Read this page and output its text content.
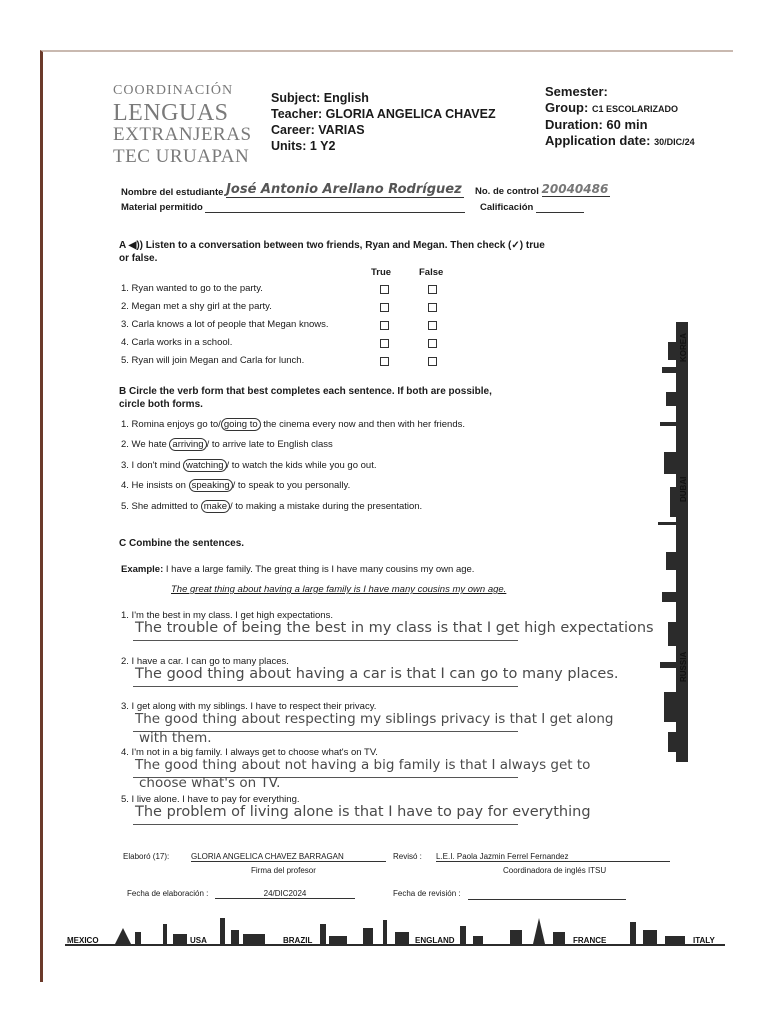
COORDINACIÓN
LENGUAS
EXTRANJERAS
TEC URUAPAN
Subject: English
Teacher: GLORIA ANGELICA CHAVEZ
Career: VARIAS
Units: 1 Y2
Semester:
Group: C1 ESCOLARIZADO
Duration: 60 min
Application date: 30/DIC/24
Nombre del estudiante José Antonio Arellano Rodríguez No. de control 20040486
Material permitido	Calificación
A ◀)) Listen to a conversation between two friends, Ryan and Megan. Then check (✓) true or false.
True	False
1. Ryan wanted to go to the party.
2. Megan met a shy girl at the party.
3. Carla knows a lot of people that Megan knows.
4. Carla works in a school.
5. Ryan will join Megan and Carla for lunch.
B Circle the verb form that best completes each sentence. If both are possible, circle both forms.
1. Romina enjoys go to/ going to the cinema every now and then with her friends.
2. We hate arriving / to arrive late to English class
3. I don't mind watching / to watch the kids while you go out.
4. He insists on speaking / to speak to you personally.
5. She admitted to make / to making a mistake during the presentation.
C Combine the sentences.
Example: I have a large family. The great thing is I have many cousins my own age.
The great thing about having a large family is I have many cousins my own age.
1. I'm the best in my class. I get high expectations.
The trouble of being the best in my class is that I get high expectations
2. I have a car. I can go to many places.
The good thing about having a car is that I can go to many places.
3. I get along with my siblings. I have to respect their privacy.
The good thing about respecting my siblings privacy is that I get along
with them.
4. I'm not in a big family. I always get to choose what's on TV.
The good thing about not having a big family is that I always get to
choose what's on TV.
5. I live alone. I have to pay for everything.
The problem of living alone is that I have to pay for everything
Elaboró (17):	GLORIA ANGELICA CHAVEZ BARRAGAN
Firma del profesor
Revisó : L.E.I. Paola Jazmin Ferrel Fernandez
Coordinadora de inglés ITSU
Fecha de elaboración :	24/DIC2024	Fecha de revisión :
KOREA
DUBAI
RUSSIA
MEXICO	USA	BRAZIL	ENGLAND	FRANCE	ITALY
